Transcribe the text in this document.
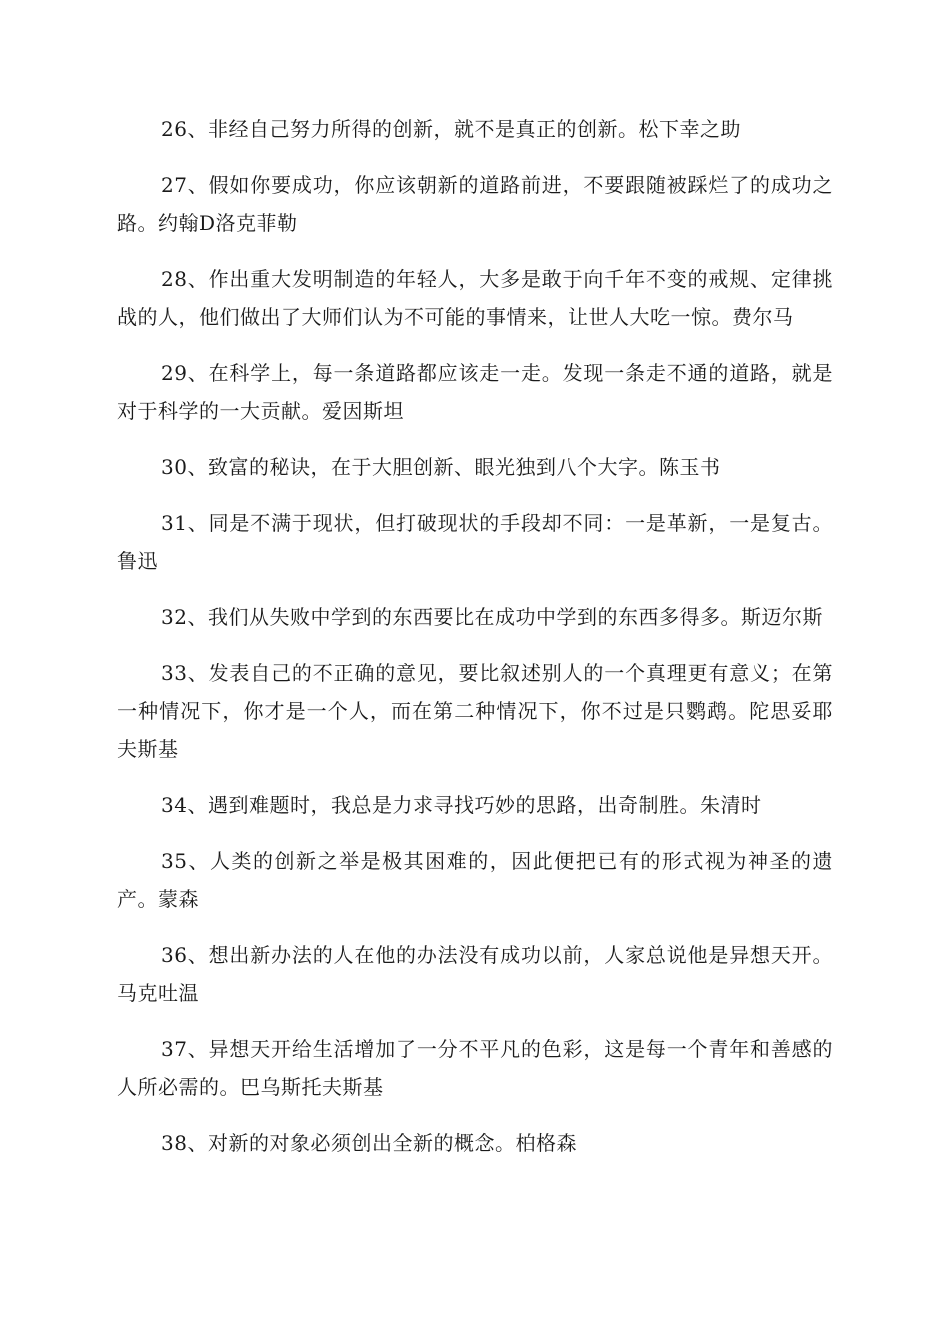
26、非经自己努力所得的创新，就不是真正的创新。松下幸之助

27、假如你要成功，你应该朝新的道路前进，不要跟随被踩烂了的成功之路。约翰D洛克菲勒

28、作出重大发明制造的年轻人，大多是敢于向千年不变的戒规、定律挑战的人，他们做出了大师们认为不可能的事情来，让世人大吃一惊。费尔马

29、在科学上，每一条道路都应该走一走。发现一条走不通的道路，就是对于科学的一大贡献。爱因斯坦

30、致富的秘诀，在于大胆创新、眼光独到八个大字。陈玉书

31、同是不满于现状，但打破现状的手段却不同：一是革新，一是复古。鲁迅

32、我们从失败中学到的东西要比在成功中学到的东西多得多。斯迈尔斯

33、发表自己的不正确的意见，要比叙述别人的一个真理更有意义；在第一种情况下，你才是一个人，而在第二种情况下，你不过是只鹦鹉。陀思妥耶夫斯基

34、遇到难题时，我总是力求寻找巧妙的思路，出奇制胜。朱清时

35、人类的创新之举是极其困难的，因此便把已有的形式视为神圣的遗产。蒙森

36、想出新办法的人在他的办法没有成功以前，人家总说他是异想天开。马克吐温

37、异想天开给生活增加了一分不平凡的色彩，这是每一个青年和善感的人所必需的。巴乌斯托夫斯基

38、对新的对象必须创出全新的概念。柏格森
